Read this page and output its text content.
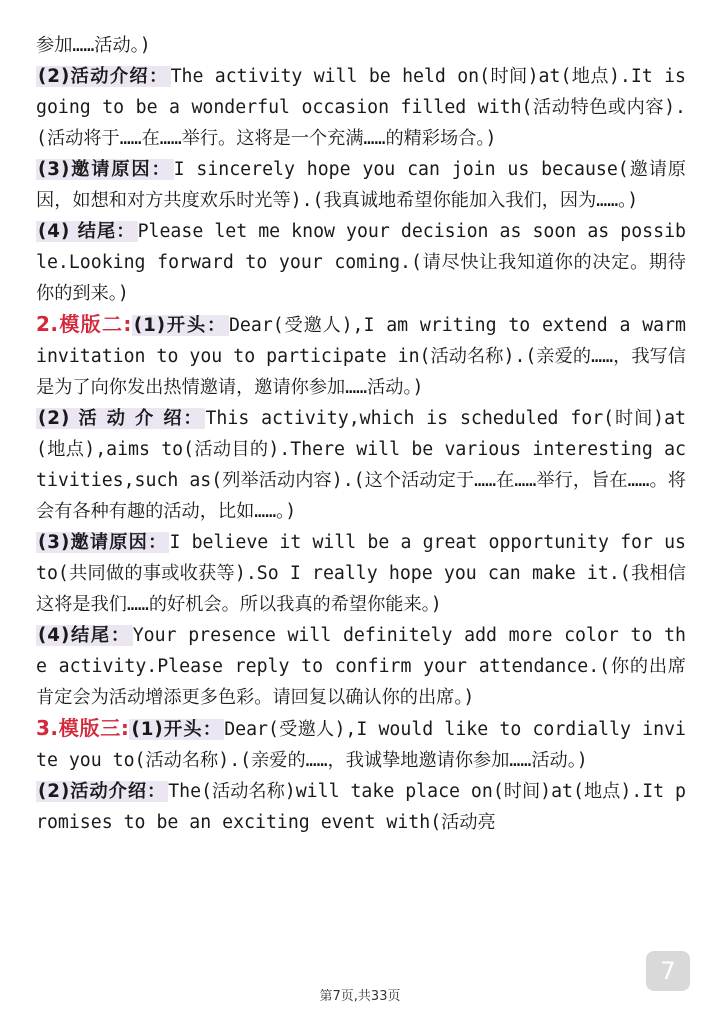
参加……活动。)

(2)活动介绍： The activity will be held on(时间)at(地点).It is going to be a wonderful occasion filled with(活动特色或内容).(活动将于……在……举行。这将是一个充满……的精彩场合。)

(3)邀请原因： I sincerely hope you can join us because(邀请原因，如想和对方共度欢乐时光等).(我真诚地希望你能加入我们，因为……。)

(4) 结尾： Please let me know your decision as soon as possible.Looking forward to your coming.(请尽快让我知道你的决定。期待你的到来。)

2.模版二: (1)开头： Dear(受邀人),I am writing to extend a warm invitation to you to participate in(活动名称).(亲爱的……，我写信是为了向你发出热情邀请，邀请你参加……活动。)

(2) 活 动 介 绍： This activity,which is scheduled for(时间)at(地点),aims to(活动目的).There will be various interesting activities,such as(列举活动内容).(这个活动定于……在……举行，旨在……。将会有各种有趣的活动，比如……。)

(3)邀请原因： I believe it will be a great opportunity for us to(共同做的事或收获等).So I really hope you can make it.(我相信这将是我们……的好机会。所以我真的希望你能来。)

(4)结尾： Your presence will definitely add more color to the activity.Please reply to confirm your attendance.(你的出席肯定会为活动增添更多色彩。请回复以确认你的出席。)

3.模版三: (1)开头： Dear(受邀人),I would like to cordially invite you to(活动名称).(亲爱的……，我诚挚地邀请你参加……活动。)

(2)活动介绍： The(活动名称)will take place on(时间)at(地点).It promises to be an exciting event with(活动亮

第7页,共33页
7
